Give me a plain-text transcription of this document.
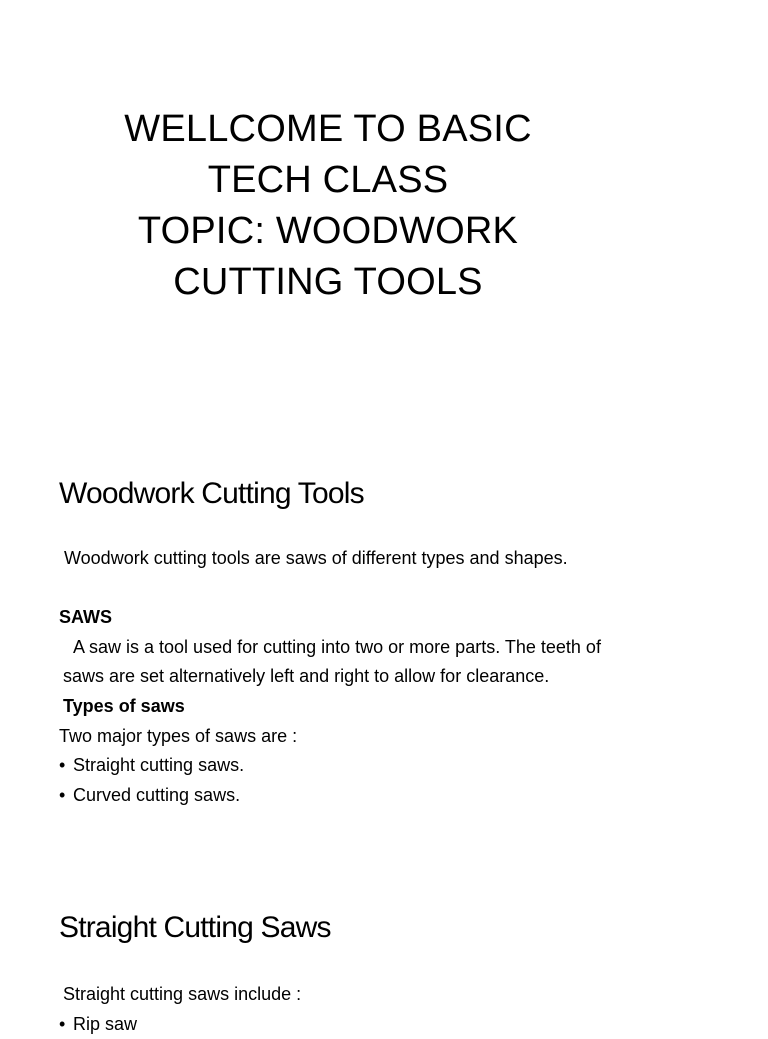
WELLCOME TO BASIC
TECH CLASS
TOPIC: WOODWORK
CUTTING TOOLS
Woodwork Cutting Tools
Woodwork cutting tools are saws of different types and shapes.
SAWS
A saw is a tool used for cutting into two or more parts. The teeth of
saws are set alternatively left and right to allow for clearance.
Types of saws
Two major types of saws are :
• Straight cutting saws.
• Curved cutting saws.
Straight Cutting Saws
Straight cutting saws include :
• Rip saw
